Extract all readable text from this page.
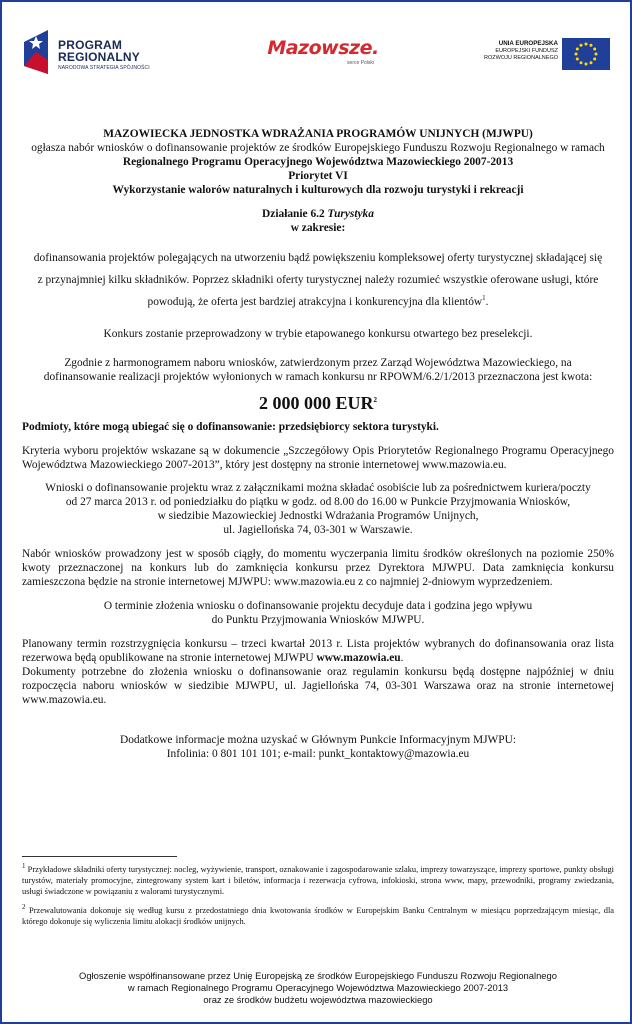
PROGRAM
REGIONALNY
NARODOWA STRATEGIA SPÓJNOŚCI
Mazowsze.
serce Polski
UNIA EUROPEJSKA
EUROPEJSKI FUNDUSZ
ROZWOJU REGIONALNEGO

MAZOWIECKA JEDNOSTKA WDRAŻANIA PROGRAMÓW UNIJNYCH (MJWPU)

ogłasza nabór wniosków o dofinansowanie projektów ze środków Europejskiego Funduszu Rozwoju Regionalnego w ramach

Regionalnego Programu Operacyjnego Województwa Mazowieckiego 2007-2013

Priorytet VI

Wykorzystanie walorów naturalnych i kulturowych dla rozwoju turystyki i rekreacji

Działanie 6.2 Turystyka

w zakresie:

dofinansowania projektów polegających na utworzeniu bądź powiększeniu kompleksowej oferty turystycznej składającej się

z przynajmniej kilku składników. Poprzez składniki oferty turystycznej należy rozumieć wszystkie oferowane usługi, które

powodują, że oferta jest bardziej atrakcyjna i konkurencyjna dla klientów$^1$.

Konkurs zostanie przeprowadzony w trybie etapowanego konkursu otwartego bez preselekcji.

Zgodnie z harmonogramem naboru wniosków, zatwierdzonym przez Zarząd Województwa Mazowieckiego, na

dofinansowanie realizacji projektów wyłonionych w ramach konkursu nr RPOWM/6.2/1/2013 przeznaczona jest kwota:

2 000 000 EUR$^2$

Podmioty, które mogą ubiegać się o dofinansowanie: przedsiębiorcy sektora turystyki.

Kryteria wyboru projektów wskazane są w dokumencie „Szczegółowy Opis Priorytetów Regionalnego Programu Operacyjnego Województwa Mazowieckiego 2007-2013”, który jest dostępny na stronie internetowej www.mazowia.eu.

Wnioski o dofinansowanie projektu wraz z załącznikami można składać osobiście lub za pośrednictwem kuriera/poczty

od 27 marca 2013 r. od poniedziałku do piątku w godz. od 8.00 do 16.00 w Punkcie Przyjmowania Wniosków,

w siedzibie Mazowieckiej Jednostki Wdrażania Programów Unijnych,

ul. Jagiellońska 74, 03-301 w Warszawie.

Nabór wniosków prowadzony jest w sposób ciągły, do momentu wyczerpania limitu środków określonych na poziomie 250% kwoty przeznaczonej na konkurs lub do zamknięcia konkursu przez Dyrektora MJWPU. Data zamknięcia konkursu zamieszczona będzie na stronie internetowej MJWPU: www.mazowia.eu z co najmniej 2-dniowym wyprzedzeniem.

O terminie złożenia wniosku o dofinansowanie projektu decyduje data i godzina jego wpływu

do Punktu Przyjmowania Wniosków MJWPU.

Planowany termin rozstrzygnięcia konkursu – trzeci kwartał 2013 r. Lista projektów wybranych do dofinansowania oraz lista rezerwowa będą opublikowane na stronie internetowej MJWPU www.mazowia.eu.

Dokumenty potrzebne do złożenia wniosku o dofinansowanie oraz regulamin konkursu będą dostępne najpóźniej w dniu rozpoczęcia naboru wniosków w siedzibie MJWPU, ul. Jagiellońska 74, 03-301 Warszawa oraz na stronie internetowej www.mazowia.eu.

Dodatkowe informacje można uzyskać w Głównym Punkcie Informacyjnym MJWPU:

Infolinia: 0 801 101 101; e-mail: punkt_kontaktowy@mazowia.eu

$^1$ Przykładowe składniki oferty turystycznej: nocleg, wyżywienie, transport, oznakowanie i zagospodarowanie szlaku, imprezy towarzyszące, imprezy sportowe, punkty obsługi turystów, materiały promocyjne, zintegrowany system kart i biletów, informacja i rezerwacja cyfrowa, infokioski, strona www, mapy, przewodniki, programy zwiedzania, usługi świadczone w powiązaniu z walorami turystycznymi.

$^2$ Przewalutowania dokonuje się według kursu z przedostatniego dnia kwotowania środków w Europejskim Banku Centralnym w miesiącu poprzedzającym miesiąc, dla którego dokonuje się wyliczenia limitu alokacji środków unijnych.

Ogłoszenie współfinansowane przez Unię Europejską ze środków Europejskiego Funduszu Rozwoju Regionalnego

w ramach Regionalnego Programu Operacyjnego Województwa Mazowieckiego 2007-2013

oraz ze środków budżetu województwa mazowieckiego
